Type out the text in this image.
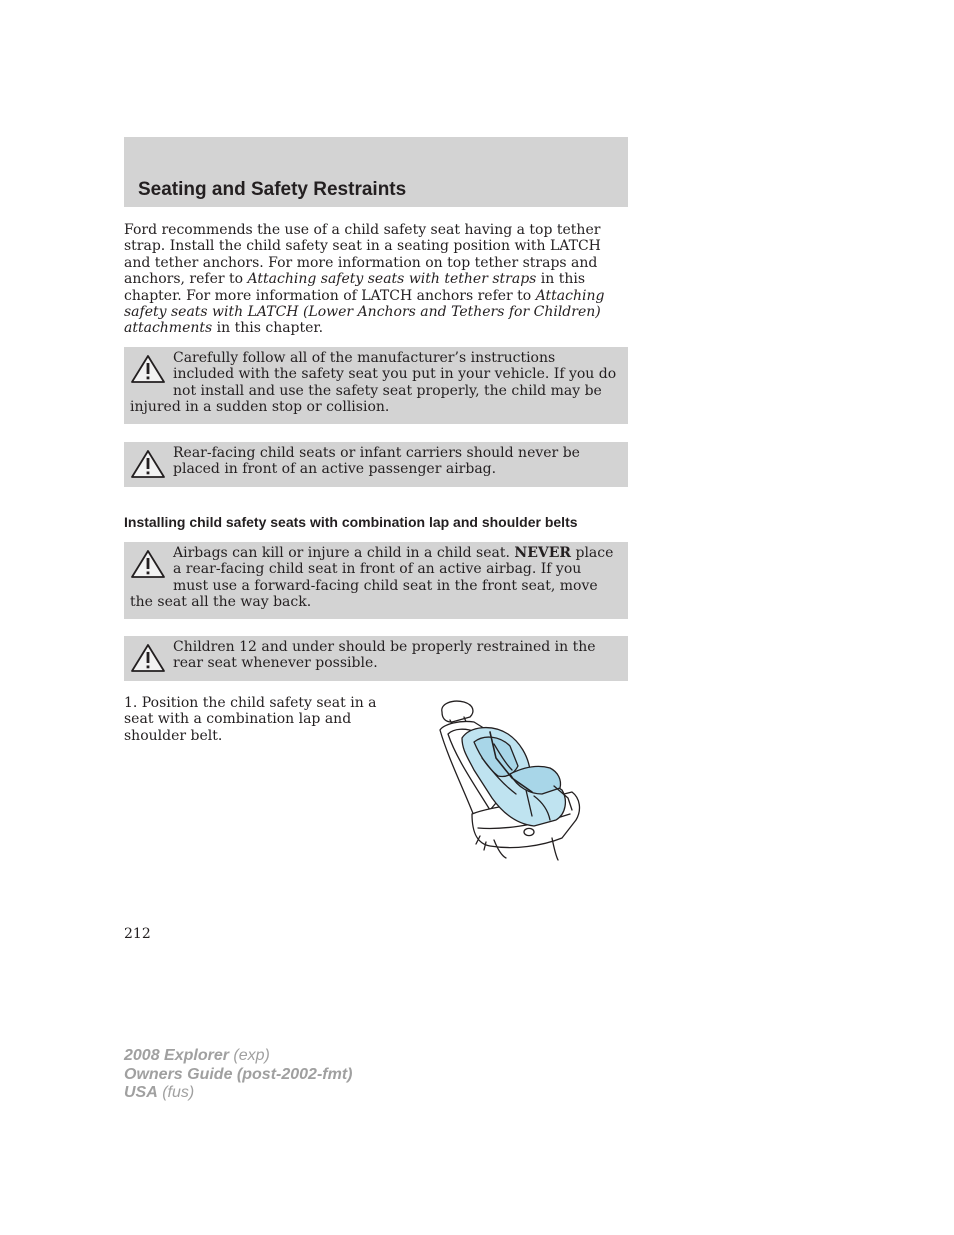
Seating and Safety Restraints

Ford recommends the use of a child safety seat having a top tether strap. Install the child safety seat in a seating position with LATCH and tether anchors. For more information on top tether straps and anchors, refer to Attaching safety seats with tether straps in this chapter. For more information of LATCH anchors refer to Attaching safety seats with LATCH (Lower Anchors and Tethers for Children) attachments in this chapter.

Carefully follow all of the manufacturer’s instructions included with the safety seat you put in your vehicle. If you do not install and use the safety seat properly, the child may be injured in a sudden stop or collision.

Rear-facing child seats or infant carriers should never be placed in front of an active passenger airbag.

Installing child safety seats with combination lap and shoulder belts

Airbags can kill or injure a child in a child seat. NEVER place a rear-facing child seat in front of an active airbag. If you must use a forward-facing child seat in the front seat, move the seat all the way back.

Children 12 and under should be properly restrained in the rear seat whenever possible.

1. Position the child safety seat in a seat with a combination lap and shoulder belt.

212

2008 Explorer (exp)
Owners Guide (post-2002-fmt)
USA (fus)
